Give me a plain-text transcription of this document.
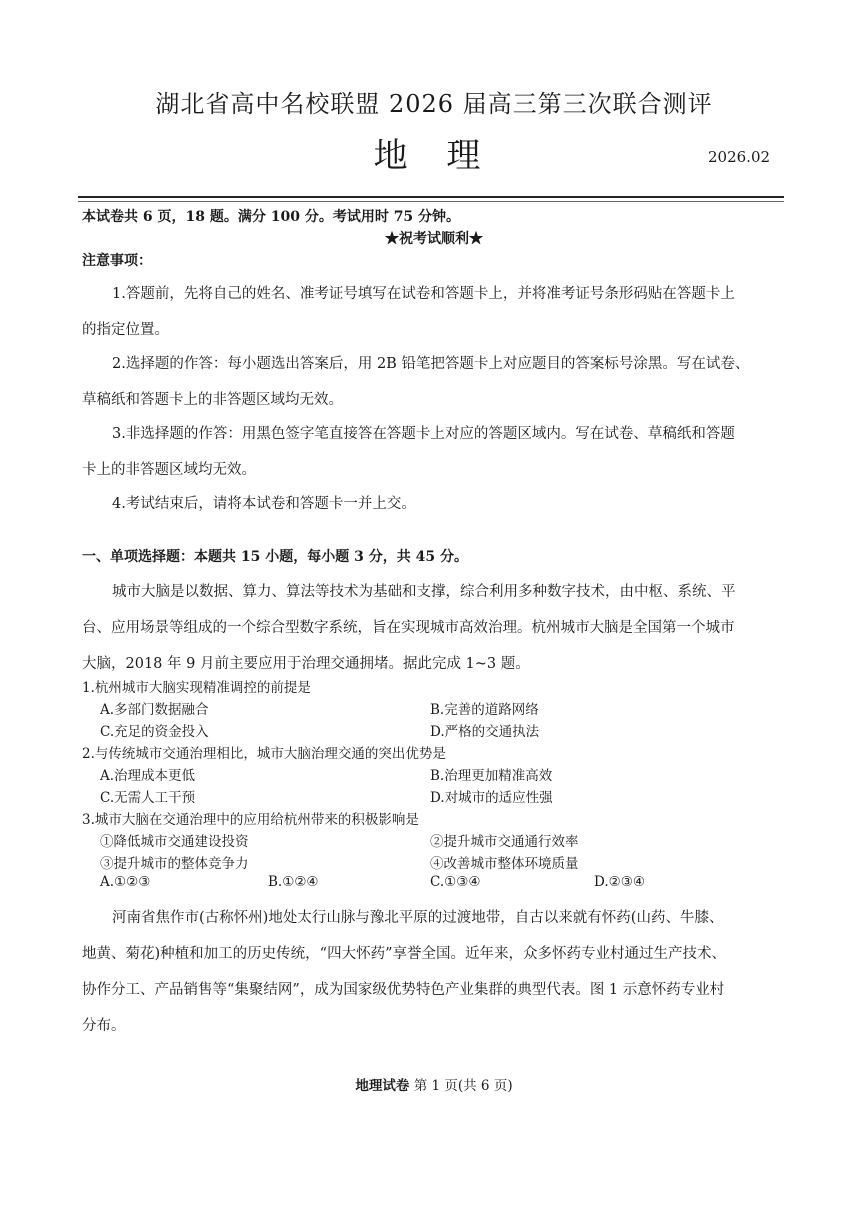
湖北省高中名校联盟 2026 届高三第三次联合测评
地 理	2026.02
本试卷共 6 页，18 题。满分 100 分。考试用时 75 分钟。
★祝考试顺利★
注意事项：
1.答题前，先将自己的姓名、准考证号填写在试卷和答题卡上，并将准考证号条形码贴在答题卡上
的指定位置。
2.选择题的作答：每小题选出答案后，用 2B 铅笔把答题卡上对应题目的答案标号涂黑。写在试卷、
草稿纸和答题卡上的非答题区域均无效。
3.非选择题的作答：用黑色签字笔直接答在答题卡上对应的答题区域内。写在试卷、草稿纸和答题
卡上的非答题区域均无效。
4.考试结束后，请将本试卷和答题卡一并上交。
一、单项选择题：本题共 15 小题，每小题 3 分，共 45 分。
城市大脑是以数据、算力、算法等技术为基础和支撑，综合利用多种数字技术，由中枢、系统、平
台、应用场景等组成的一个综合型数字系统，旨在实现城市高效治理。杭州城市大脑是全国第一个城市
大脑，2018 年 9 月前主要应用于治理交通拥堵。据此完成 1~3 题。
1.杭州城市大脑实现精准调控的前提是
A.多部门数据融合	B.完善的道路网络
C.充足的资金投入	D.严格的交通执法
2.与传统城市交通治理相比，城市大脑治理交通的突出优势是
A.治理成本更低	B.治理更加精准高效
C.无需人工干预	D.对城市的适应性强
3.城市大脑在交通治理中的应用给杭州带来的积极影响是
①降低城市交通建设投资	②提升城市交通通行效率
③提升城市的整体竞争力	④改善城市整体环境质量
A.①②③	B.①②④	C.①③④	D.②③④
河南省焦作市(古称怀州)地处太行山脉与豫北平原的过渡地带，自古以来就有怀药(山药、牛膝、
地黄、菊花)种植和加工的历史传统，“四大怀药”享誉全国。近年来，众多怀药专业村通过生产技术、
协作分工、产品销售等“集聚结网”，成为国家级优势特色产业集群的典型代表。图 1 示意怀药专业村
分布。
地理试卷 第 1 页(共 6 页)
